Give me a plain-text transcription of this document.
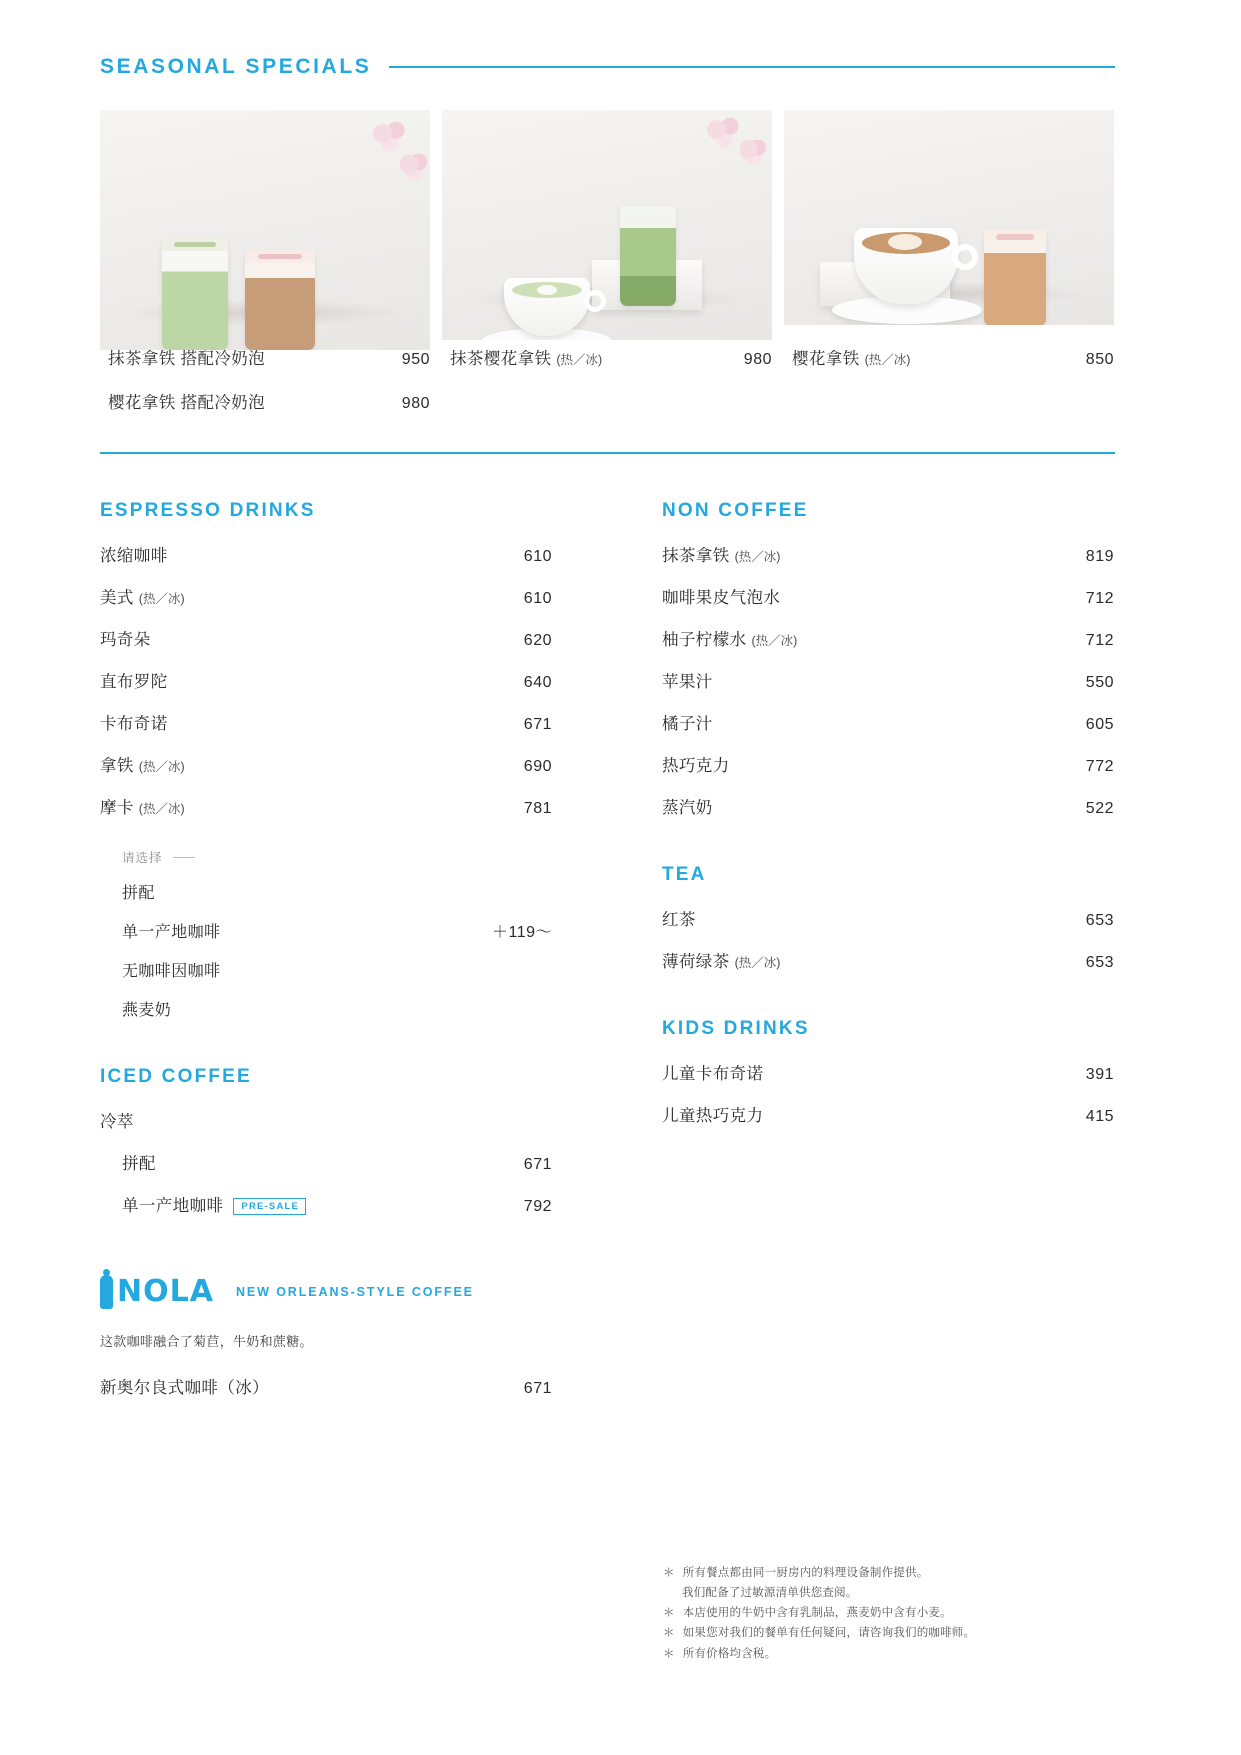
SEASONAL SPECIALS
抹茶拿铁 搭配冷奶泡	950
樱花拿铁 搭配冷奶泡	980
抹茶樱花拿铁 (热／冰)	980 樱花拿铁 (热／冰)	850
ESPRESSO DRINKS
浓缩咖啡	610
美式 (热／冰)	610
玛奇朵	620
直布罗陀	640
卡布奇诺	671
拿铁 (热／冰)	690
摩卡 (热／冰)	781
请选择
拼配
单一产地咖啡	＋119〜
无咖啡因咖啡
燕麦奶
ICED COFFEE
冷萃
拼配	671
单一产地咖啡 PRE-SALE	792
NOLA NEW ORLEANS-STYLE COFFEE
这款咖啡融合了菊苣，牛奶和蔗糖。
新奥尔良式咖啡（冰）	671
NON COFFEE
抹茶拿铁 (热／冰)	819
咖啡果皮气泡水	712
柚子柠檬水 (热／冰)	712
苹果汁	550
橘子汁	605
热巧克力	772
蒸汽奶	522
TEA
红茶	653
薄荷绿茶 (热／冰)	653
KIDS DRINKS
儿童卡布奇诺	391
儿童热巧克力	415
＊ 所有餐点都由同一厨房内的料理设备制作提供。
我们配备了过敏源清单供您查阅。
＊ 本店使用的牛奶中含有乳制品，燕麦奶中含有小麦。
＊ 如果您对我们的餐单有任何疑问，请咨询我们的咖啡师。
＊ 所有价格均含税。
